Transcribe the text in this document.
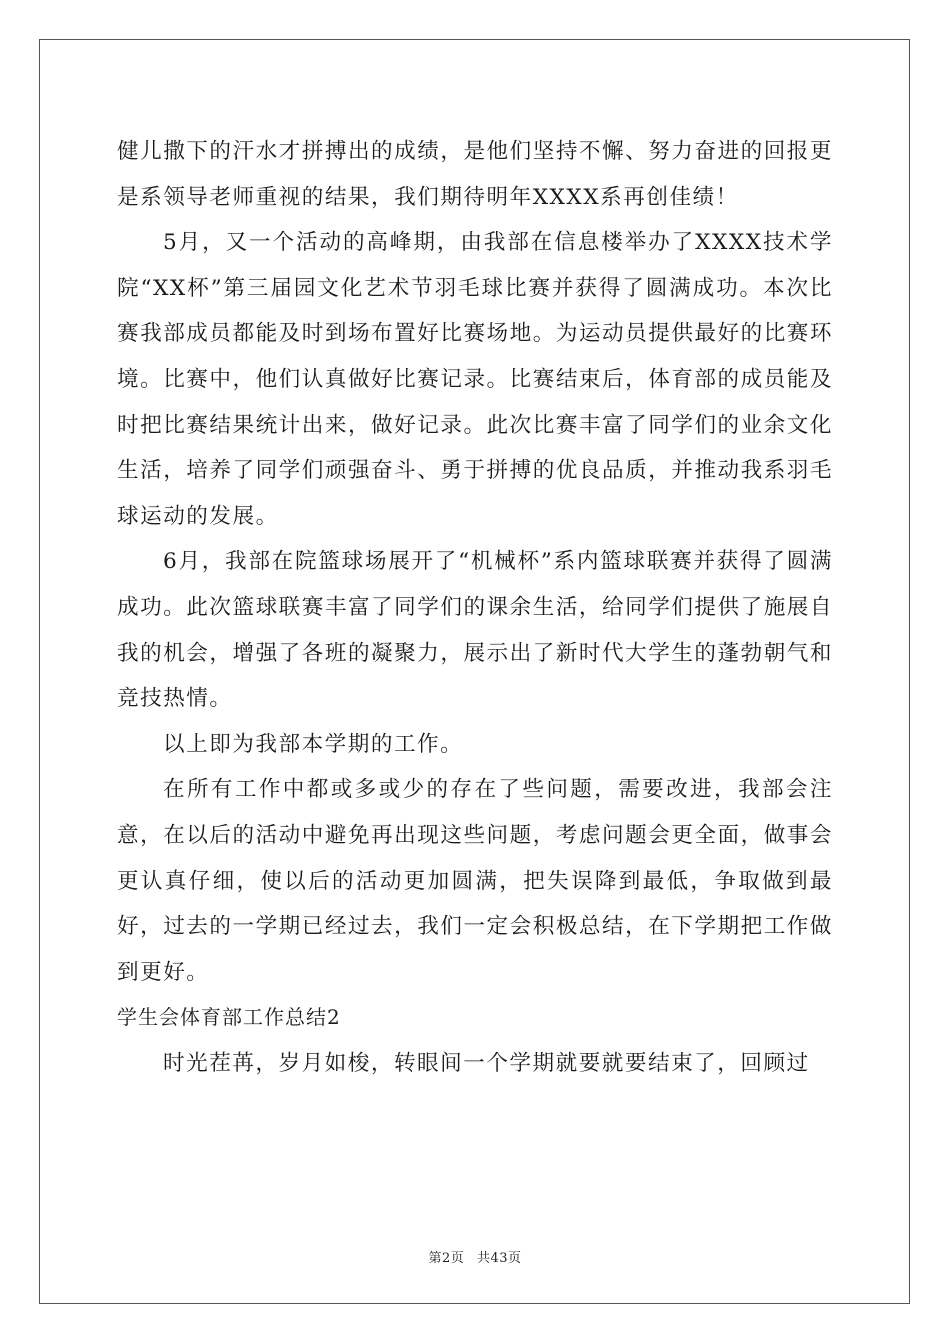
健儿撒下的汗水才拼搏出的成绩，是他们坚持不懈、努力奋进的回报更是系领导老师重视的结果，我们期待明年XXXX系再创佳绩！

5月，又一个活动的高峰期，由我部在信息楼举办了XXXX技术学院“XX杯”第三届园文化艺术节羽毛球比赛并获得了圆满成功。本次比赛我部成员都能及时到场布置好比赛场地。为运动员提供最好的比赛环境。比赛中，他们认真做好比赛记录。比赛结束后，体育部的成员能及时把比赛结果统计出来，做好记录。此次比赛丰富了同学们的业余文化生活，培养了同学们顽强奋斗、勇于拼搏的优良品质，并推动我系羽毛球运动的发展。

6月，我部在院篮球场展开了“机械杯”系内篮球联赛并获得了圆满成功。此次篮球联赛丰富了同学们的课余生活，给同学们提供了施展自我的机会，增强了各班的凝聚力，展示出了新时代大学生的蓬勃朝气和竞技热情。

以上即为我部本学期的工作。

在所有工作中都或多或少的存在了些问题，需要改进，我部会注意，在以后的活动中避免再出现这些问题，考虑问题会更全面，做事会更认真仔细，使以后的活动更加圆满，把失误降到最低，争取做到最好，过去的一学期已经过去，我们一定会积极总结，在下学期把工作做到更好。

学生会体育部工作总结2

时光茬苒，岁月如梭，转眼间一个学期就要就要结束了，回顾过

第2页 共43页
